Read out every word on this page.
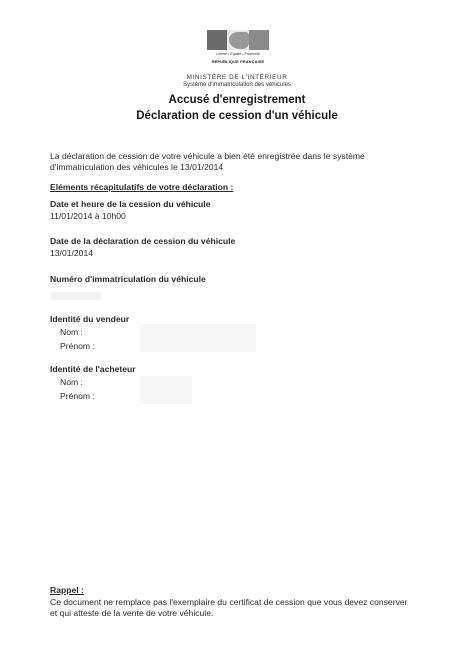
Liberté • Égalité • Fraternité
RÉPUBLIQUE FRANÇAISE
MINISTÈRE DE L'INTÉRIEUR
Système d'immatriculation des véhicules
Accusé d'enregistrement
Déclaration de cession d'un véhicule
La déclaration de cession de votre véhicule a bien été enregistrée dans le système
d'immatriculation des véhicules le 13/01/2014
Eléments récapitulatifs de votre déclaration :
Date et heure de la cession du véhicule
11/01/2014 à 10h00
Date de la déclaration de cession du véhicule
13/01/2014
Numéro d'immatriculation du véhicule
Identité du vendeur
Nom :
Prénom :
Identité de l'acheteur
Nom :
Prénom :
Rappel :
Ce document ne remplace pas l'exemplaire du certificat de cession que vous devez conserver
et qui atteste de la vente de votre véhicule.
